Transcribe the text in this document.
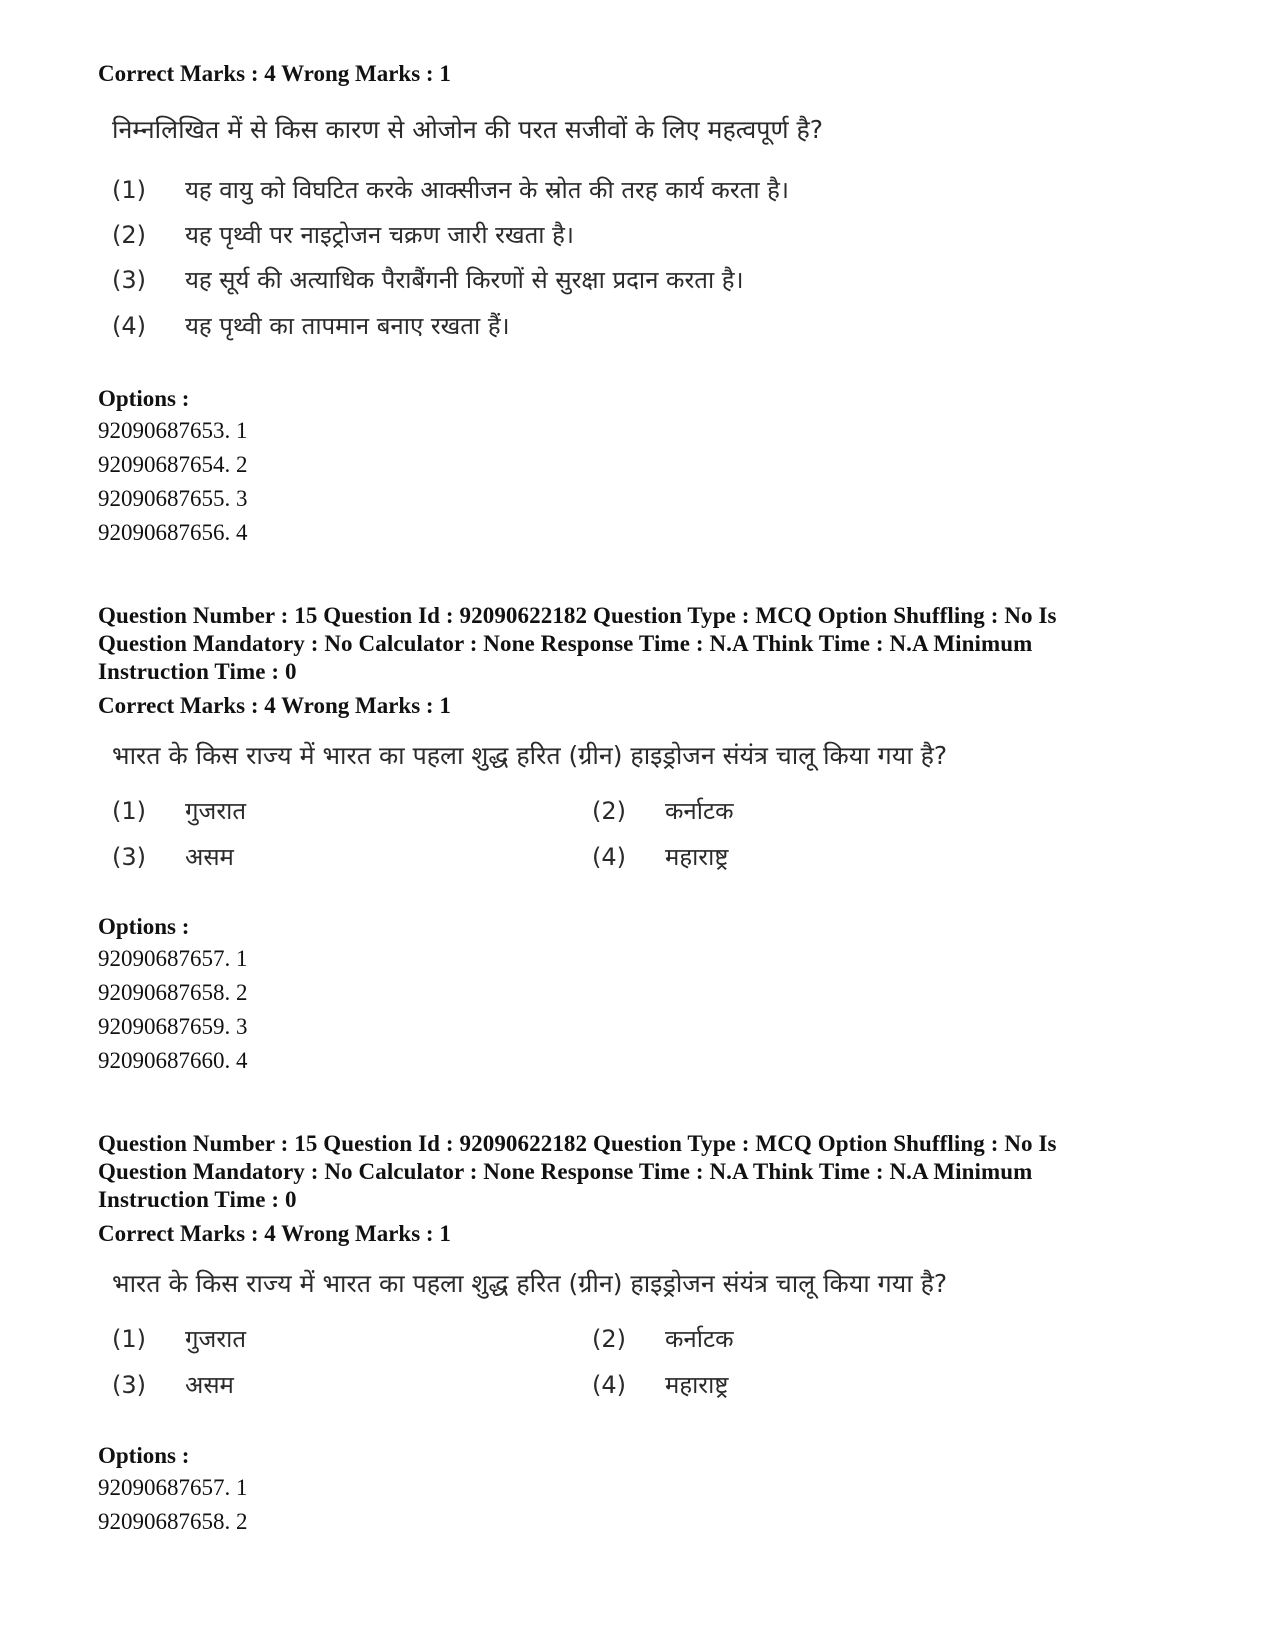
Correct Marks : 4 Wrong Marks : 1

निम्नलिखित में से किस कारण से ओजोन की परत सजीवों के लिए महत्वपूर्ण है?

(1)	यह वायु को विघटित करके आक्सीजन के स्रोत की तरह कार्य करता है।
(2)	यह पृथ्वी पर नाइट्रोजन चक्रण जारी रखता है।
(3)	यह सूर्य की अत्याधिक पैराबैंगनी किरणों से सुरक्षा प्रदान करता है।
(4)	यह पृथ्वी का तापमान बनाए रखता हैं।

Options :

92090687653. 1

92090687654. 2

92090687655. 3

92090687656. 4

Question Number : 15 Question Id : 92090622182 Question Type : MCQ Option Shuffling : No Is

Question Mandatory : No Calculator : None Response Time : N.A Think Time : N.A Minimum

Instruction Time : 0

Correct Marks : 4 Wrong Marks : 1

भारत के किस राज्य में भारत का पहला शुद्ध हरित (ग्रीन) हाइड्रोजन संयंत्र चालू किया गया है?

(1)	गुजरात	(2)	कर्नाटक
(3)	असम	(4)	महाराष्ट्र

Options :

92090687657. 1

92090687658. 2

92090687659. 3

92090687660. 4

Question Number : 15 Question Id : 92090622182 Question Type : MCQ Option Shuffling : No Is

Question Mandatory : No Calculator : None Response Time : N.A Think Time : N.A Minimum

Instruction Time : 0

Correct Marks : 4 Wrong Marks : 1

भारत के किस राज्य में भारत का पहला शुद्ध हरित (ग्रीन) हाइड्रोजन संयंत्र चालू किया गया है?

(1)	गुजरात	(2)	कर्नाटक
(3)	असम	(4)	महाराष्ट्र

Options :

92090687657. 1

92090687658. 2
